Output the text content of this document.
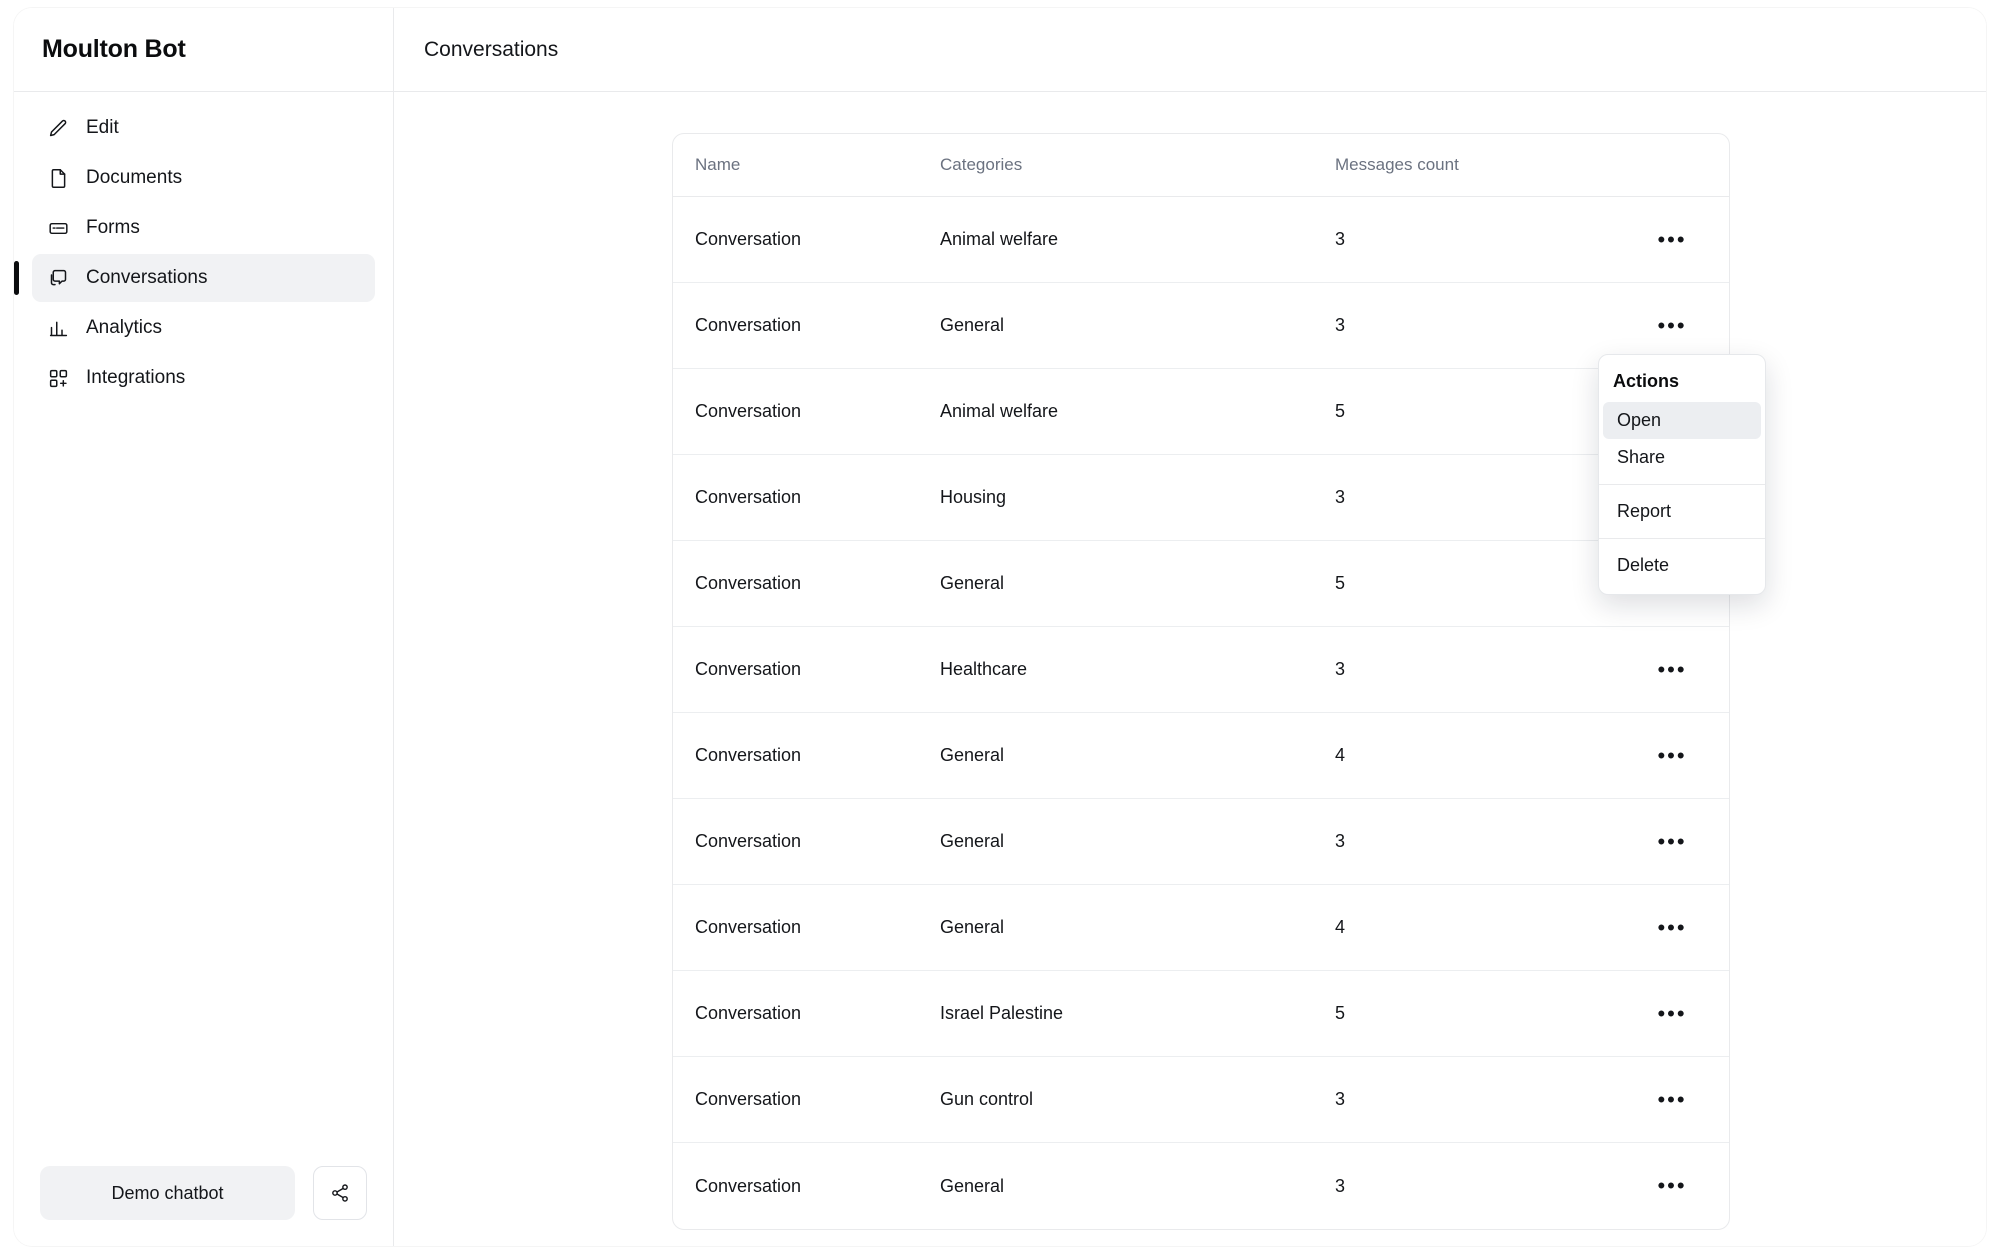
Moulton Bot
Edit
Documents
Forms
Conversations
Analytics
Integrations
Demo chatbot
Conversations
Name	Categories	Messages count
Conversation	Animal welfare	3	•••
Conversation	General	3	•••
Conversation	Animal welfare	5
Conversation	Housing	3
Conversation	General	5
Conversation	Healthcare	3	•••
Conversation	General	4	•••
Conversation	General	3	•••
Conversation	General	4	•••
Conversation	Israel Palestine	5	•••
Conversation	Gun control	3	•••
Conversation	General	3	•••
Actions
Open
Share
Report
Delete
